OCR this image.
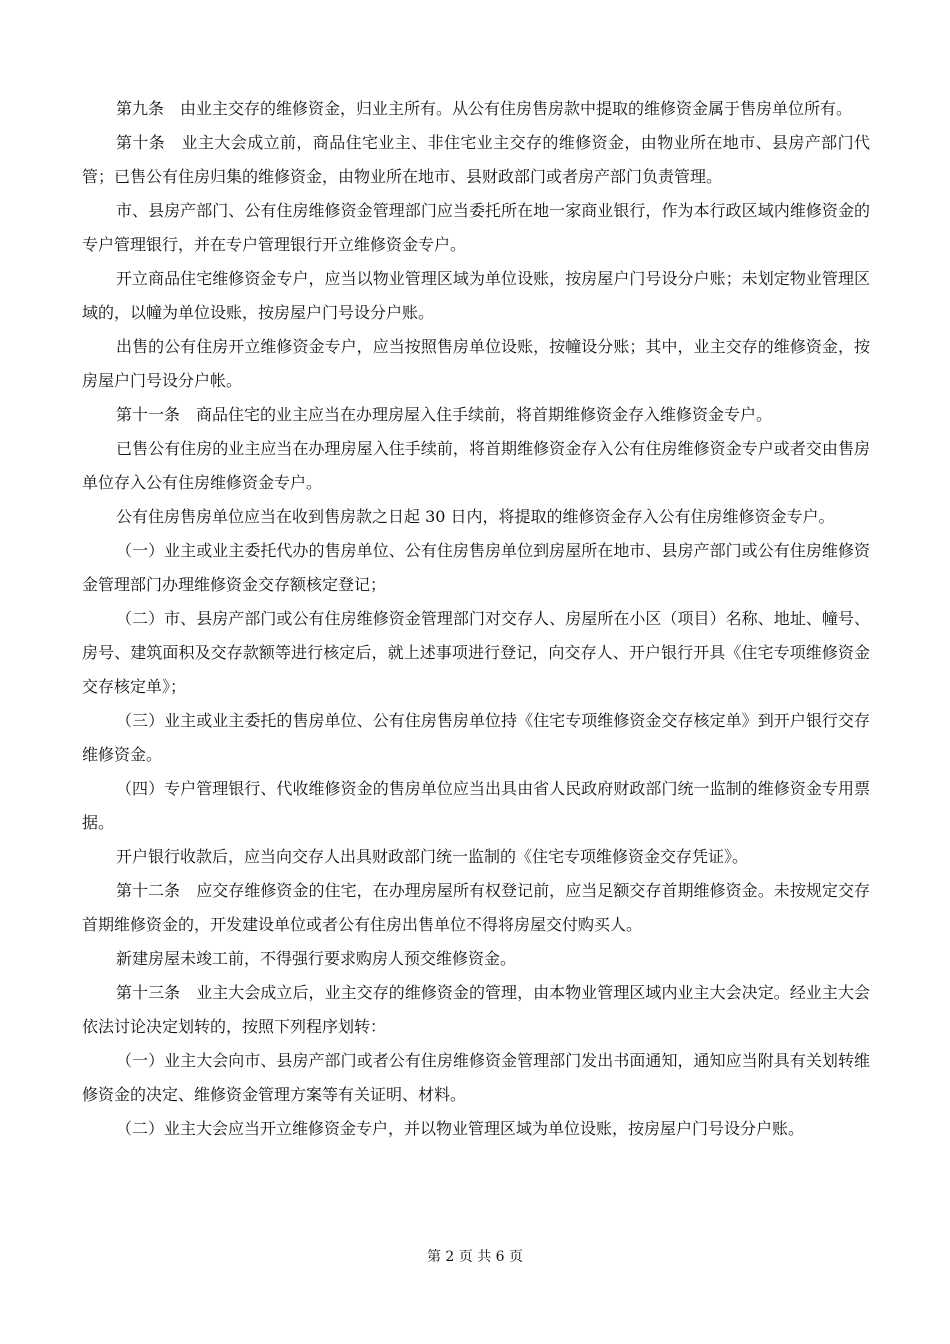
第九条　由业主交存的维修资金，归业主所有。从公有住房售房款中提取的维修资金属于售房单位所有。

第十条　业主大会成立前，商品住宅业主、非住宅业主交存的维修资金，由物业所在地市、县房产部门代管；已售公有住房归集的维修资金，由物业所在地市、县财政部门或者房产部门负责管理。

市、县房产部门、公有住房维修资金管理部门应当委托所在地一家商业银行，作为本行政区域内维修资金的专户管理银行，并在专户管理银行开立维修资金专户。

开立商品住宅维修资金专户，应当以物业管理区域为单位设账，按房屋户门号设分户账；未划定物业管理区域的，以幢为单位设账，按房屋户门号设分户账。

出售的公有住房开立维修资金专户，应当按照售房单位设账，按幢设分账；其中，业主交存的维修资金，按房屋户门号设分户帐。

第十一条　商品住宅的业主应当在办理房屋入住手续前，将首期维修资金存入维修资金专户。

已售公有住房的业主应当在办理房屋入住手续前，将首期维修资金存入公有住房维修资金专户或者交由售房单位存入公有住房维修资金专户。

公有住房售房单位应当在收到售房款之日起 30 日内，将提取的维修资金存入公有住房维修资金专户。

（一）业主或业主委托代办的售房单位、公有住房售房单位到房屋所在地市、县房产部门或公有住房维修资金管理部门办理维修资金交存额核定登记；

（二）市、县房产部门或公有住房维修资金管理部门对交存人、房屋所在小区（项目）名称、地址、幢号、房号、建筑面积及交存款额等进行核定后，就上述事项进行登记，向交存人、开户银行开具《住宅专项维修资金交存核定单》；

（三）业主或业主委托的售房单位、公有住房售房单位持《住宅专项维修资金交存核定单》到开户银行交存维修资金。

（四）专户管理银行、代收维修资金的售房单位应当出具由省人民政府财政部门统一监制的维修资金专用票据。

开户银行收款后，应当向交存人出具财政部门统一监制的《住宅专项维修资金交存凭证》。

第十二条　应交存维修资金的住宅，在办理房屋所有权登记前，应当足额交存首期维修资金。未按规定交存首期维修资金的，开发建设单位或者公有住房出售单位不得将房屋交付购买人。

新建房屋未竣工前，不得强行要求购房人预交维修资金。

第十三条　业主大会成立后，业主交存的维修资金的管理，由本物业管理区域内业主大会决定。经业主大会依法讨论决定划转的，按照下列程序划转：

（一）业主大会向市、县房产部门或者公有住房维修资金管理部门发出书面通知，通知应当附具有关划转维修资金的决定、维修资金管理方案等有关证明、材料。

（二）业主大会应当开立维修资金专户，并以物业管理区域为单位设账，按房屋户门号设分户账。

第 2 页 共 6 页
